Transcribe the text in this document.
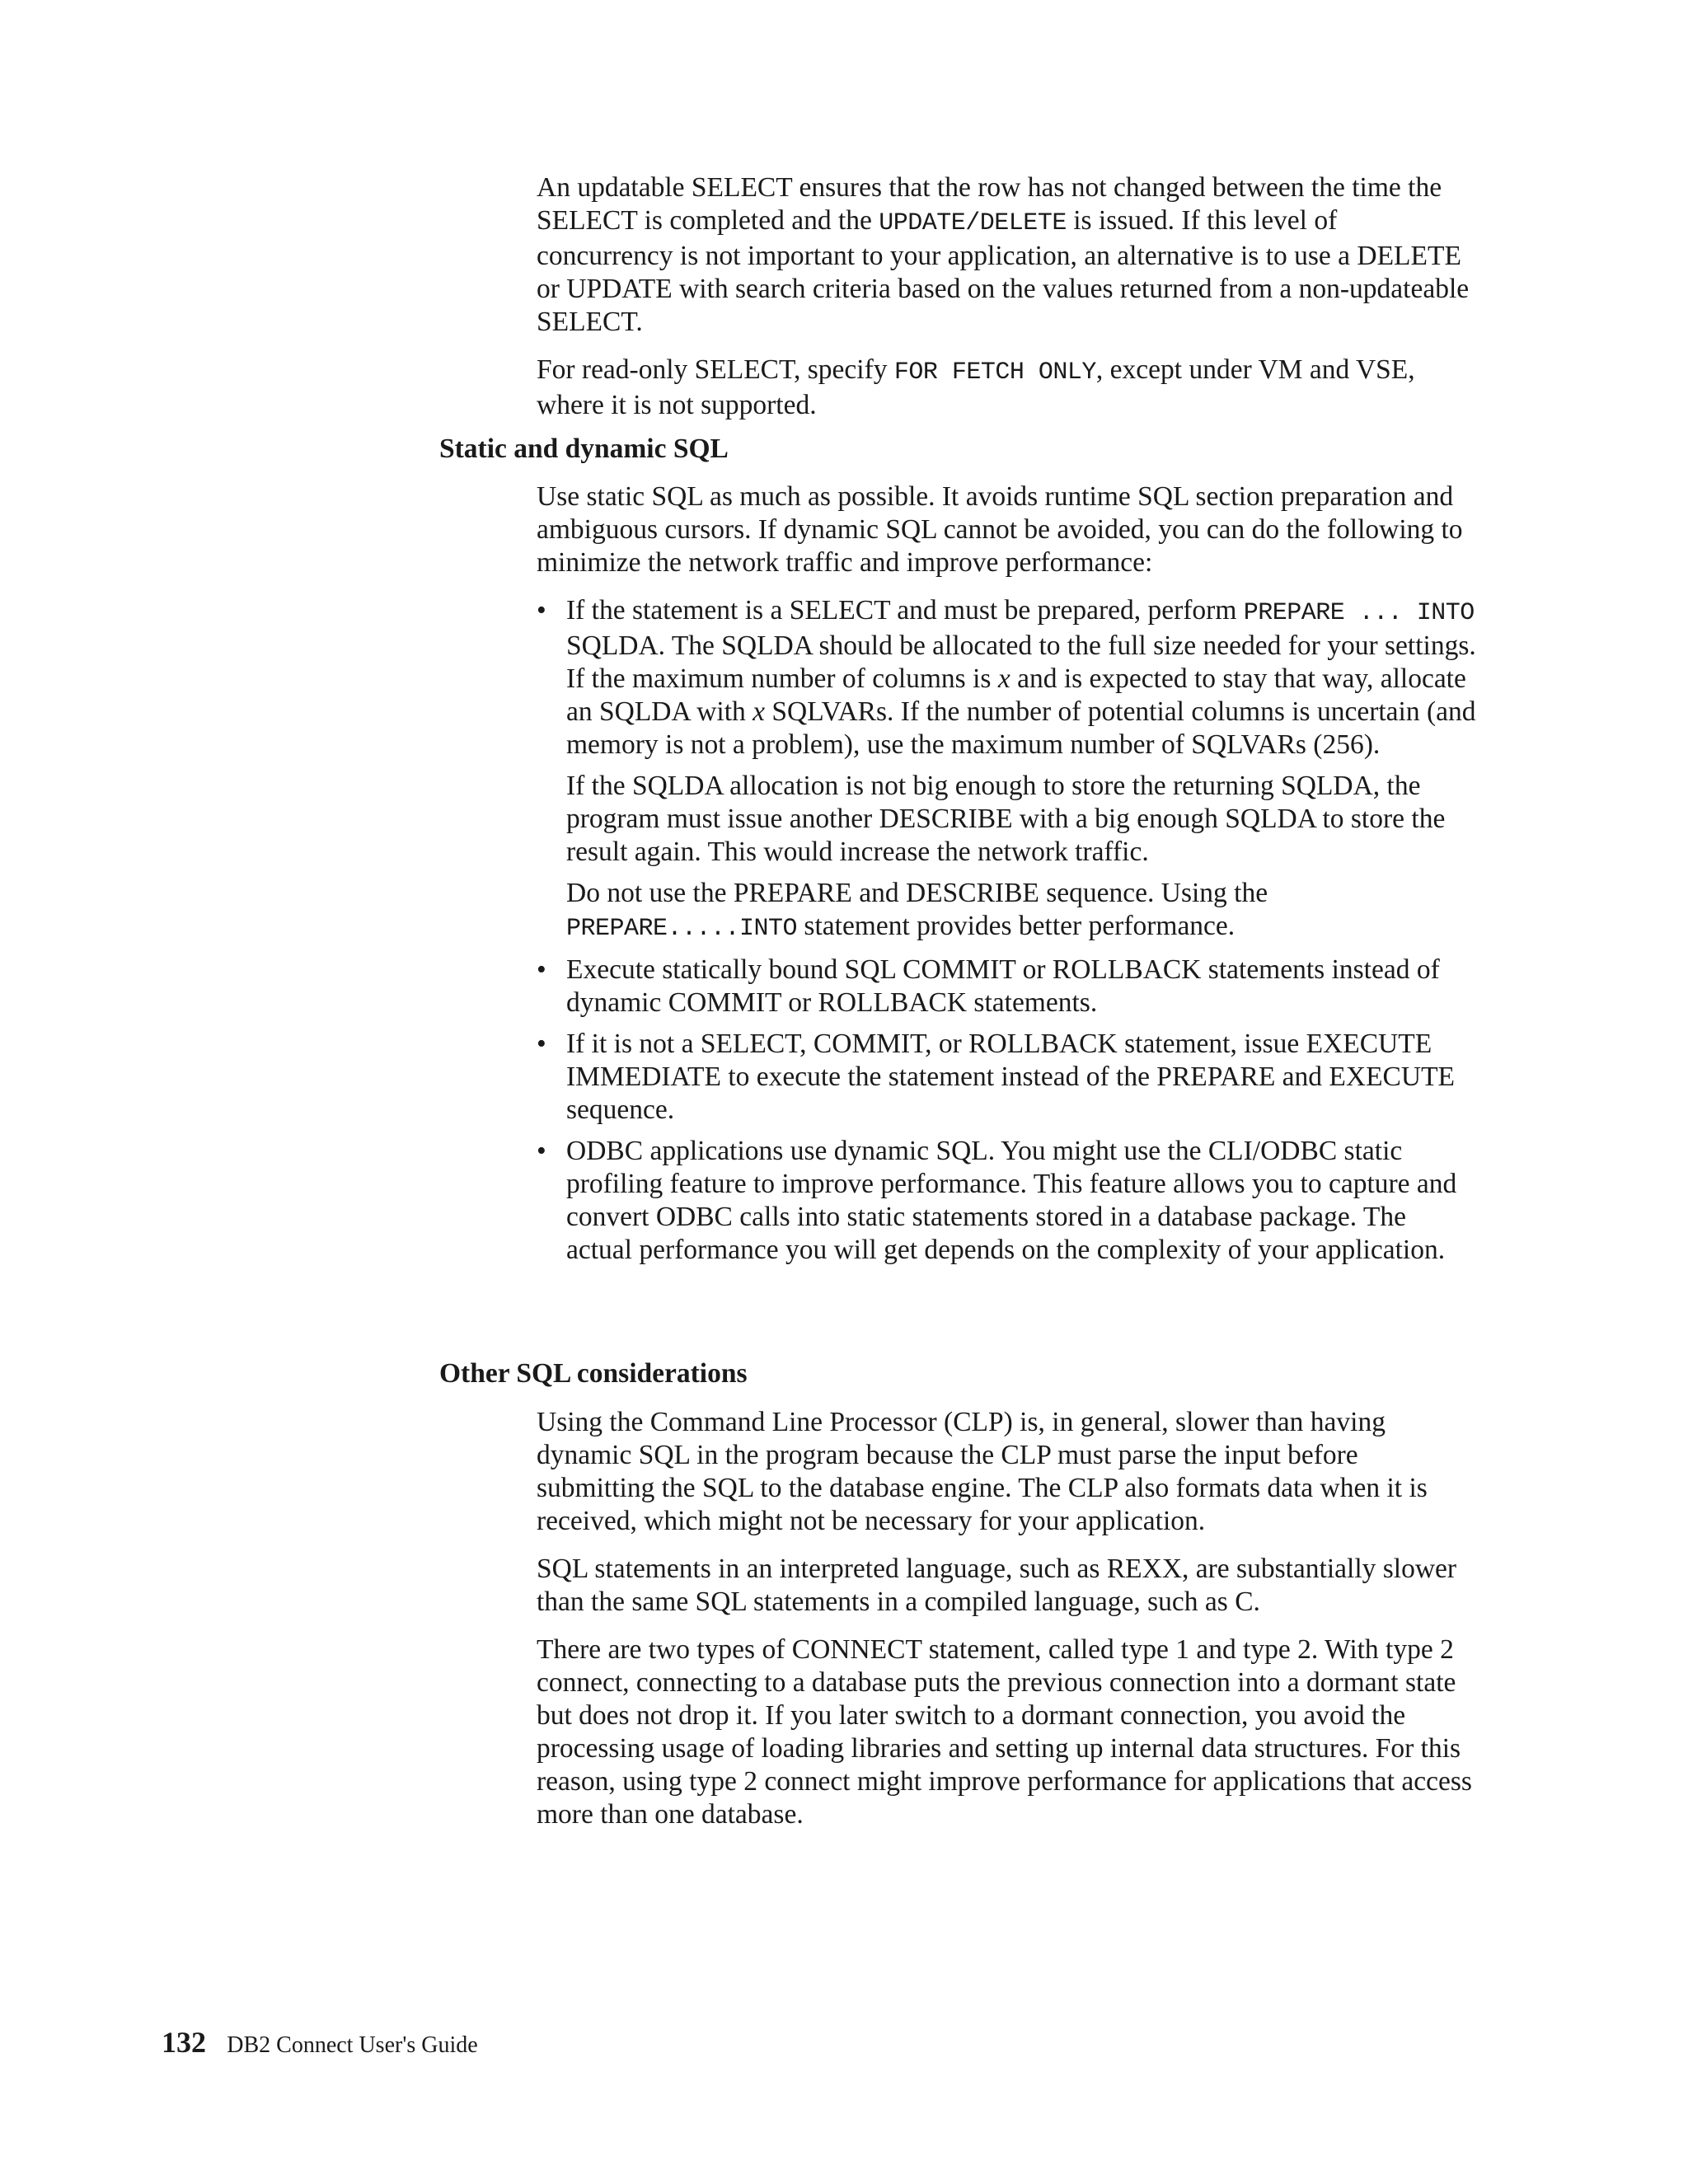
An updatable SELECT ensures that the row has not changed between the time the SELECT is completed and the UPDATE/DELETE is issued. If this level of concurrency is not important to your application, an alternative is to use a DELETE or UPDATE with search criteria based on the values returned from a non-updateable SELECT.

For read-only SELECT, specify FOR FETCH ONLY, except under VM and VSE, where it is not supported.

Static and dynamic SQL

Use static SQL as much as possible. It avoids runtime SQL section preparation and ambiguous cursors. If dynamic SQL cannot be avoided, you can do the following to minimize the network traffic and improve performance:

• If the statement is a SELECT and must be prepared, perform PREPARE ... INTO SQLDA. The SQLDA should be allocated to the full size needed for your settings. If the maximum number of columns is x and is expected to stay that way, allocate an SQLDA with x SQLVARs. If the number of potential columns is uncertain (and memory is not a problem), use the maximum number of SQLVARs (256).

If the SQLDA allocation is not big enough to store the returning SQLDA, the program must issue another DESCRIBE with a big enough SQLDA to store the result again. This would increase the network traffic.

Do not use the PREPARE and DESCRIBE sequence. Using the PREPARE.....INTO statement provides better performance.

• Execute statically bound SQL COMMIT or ROLLBACK statements instead of dynamic COMMIT or ROLLBACK statements.

• If it is not a SELECT, COMMIT, or ROLLBACK statement, issue EXECUTE IMMEDIATE to execute the statement instead of the PREPARE and EXECUTE sequence.

• ODBC applications use dynamic SQL. You might use the CLI/ODBC static profiling feature to improve performance. This feature allows you to capture and convert ODBC calls into static statements stored in a database package. The actual performance you will get depends on the complexity of your application.

Other SQL considerations

Using the Command Line Processor (CLP) is, in general, slower than having dynamic SQL in the program because the CLP must parse the input before submitting the SQL to the database engine. The CLP also formats data when it is received, which might not be necessary for your application.

SQL statements in an interpreted language, such as REXX, are substantially slower than the same SQL statements in a compiled language, such as C.

There are two types of CONNECT statement, called type 1 and type 2. With type 2 connect, connecting to a database puts the previous connection into a dormant state but does not drop it. If you later switch to a dormant connection, you avoid the processing usage of loading libraries and setting up internal data structures. For this reason, using type 2 connect might improve performance for applications that access more than one database.

132 DB2 Connect User's Guide
